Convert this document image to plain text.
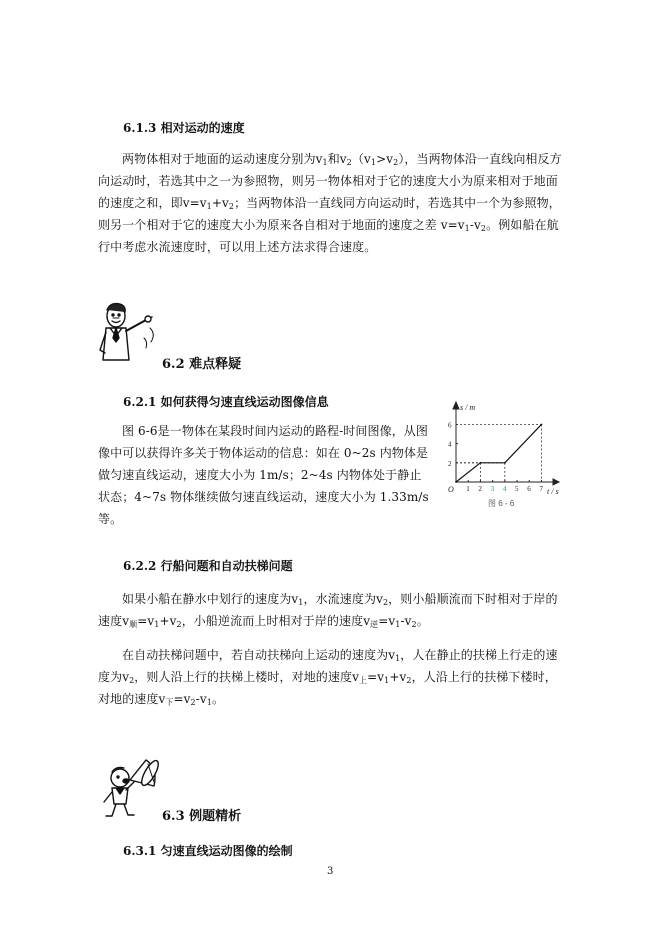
6.1.3 相对运动的速度

两物体相对于地面的运动速度分别为$v_1$和$v_2(v_1>v_2)$，当两物体沿一直线向相反方向运动时，若选其中之一为参照物，则另一物体相对于它的速度大小为原来相对于地面的速度之和，即$v=v_1+v_2$；当两物体沿一直线同方向运动时，若选其中一个为参照物，则另一个相对于它的速度大小为原来各自相对于地面的速度之差 $v=v_1-v_2$。例如船在航行中考虑水流速度时，可以用上述方法求得合速度。

6.2 难点释疑
6.2.1 如何获得匀速直线运动图像信息

图 6-6是一物体在某段时间内运动的路程-时间图像，从图像中可以获得许多关于物体运动的信息：如在 0~2s 内物体是做匀速直线运动，速度大小为 1m/s；2~4s 内物体处于静止状态；4~7s 物体继续做匀速直线运动，速度大小为 1.33m/s 等。

s / m
t / s
O 1 2 3 4 5 6 7
2
4
6
图 6 - 6
6.2.2 行船问题和自动扶梯问题

如果小船在静水中划行的速度为$v_1$，水流速度为$v_2$，则小船顺流而下时相对于岸的速度$v_顺=v_1+v_2$，小船逆流而上时相对于岸的速度$v_逆=v_1-v_2$。

在自动扶梯问题中，若自动扶梯向上运动的速度为$v_1$，人在静止的扶梯上行走的速度为$v_2$，则人沿上行的扶梯上楼时，对地的速度$v_上=v_1+v_2$，人沿上行的扶梯下楼时，对地的速度$v_下=v_2-v_1$。

6.3 例题精析
6.3.1 匀速直线运动图像的绘制
3
